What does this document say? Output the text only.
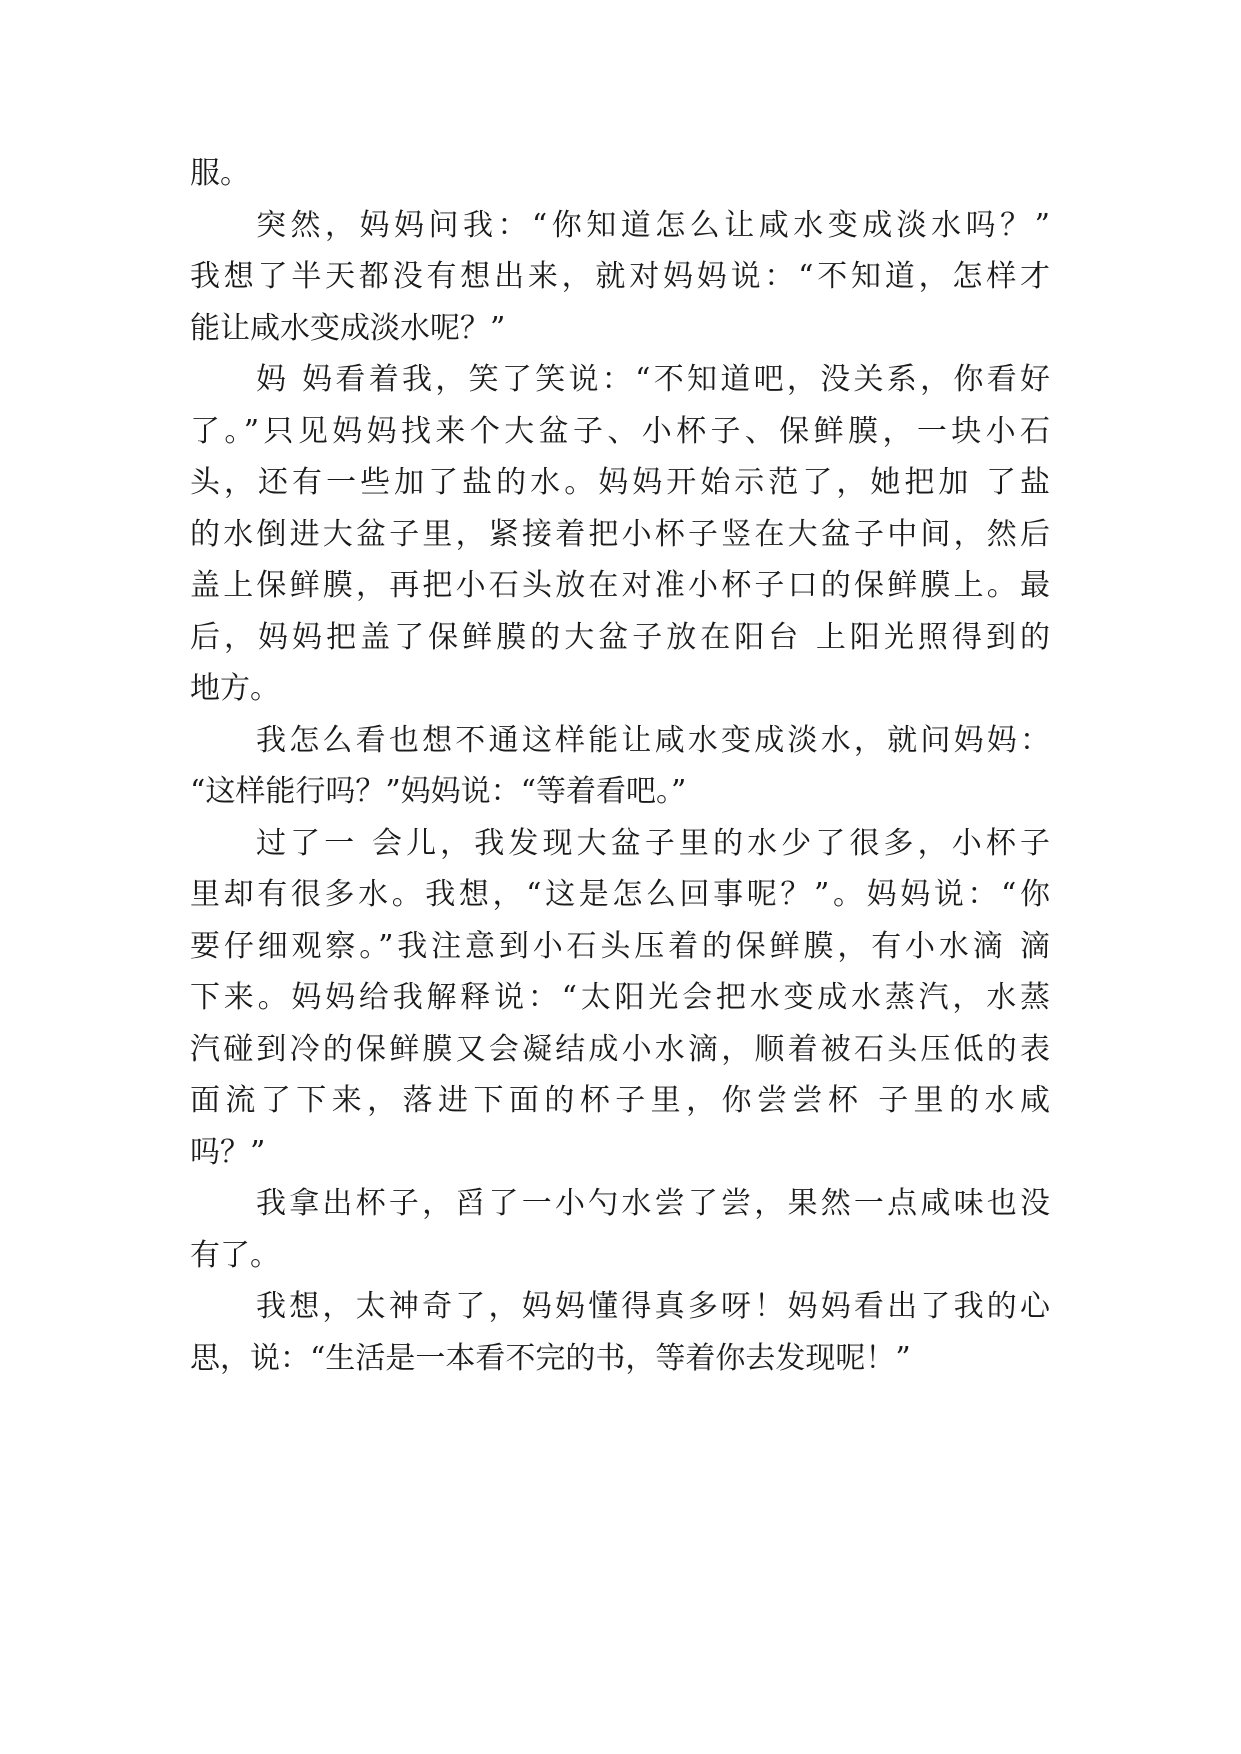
服。
突然，妈妈问我：“你知道怎么让咸水变成淡水吗？”
我想了半天都没有想出来，就对妈妈说：“不知道，怎样才
能让咸水变成淡水呢？”
妈 妈看着我，笑了笑说：“不知道吧，没关系，你看好
了。”只见妈妈找来个大盆子、小杯子、保鲜膜，一块小石
头，还有一些加了盐的水。妈妈开始示范了，她把加 了盐
的水倒进大盆子里，紧接着把小杯子竖在大盆子中间，然后
盖上保鲜膜，再把小石头放在对准小杯子口的保鲜膜上。最
后，妈妈把盖了保鲜膜的大盆子放在阳台 上阳光照得到的
地方。
我怎么看也想不通这样能让咸水变成淡水，就问妈妈：
“这样能行吗？”妈妈说：“等着看吧。”
过了一 会儿，我发现大盆子里的水少了很多，小杯子
里却有很多水。我想，“这是怎么回事呢？”。妈妈说：“你
要仔细观察。”我注意到小石头压着的保鲜膜，有小水滴 滴
下来。妈妈给我解释说：“太阳光会把水变成水蒸汽，水蒸
汽碰到冷的保鲜膜又会凝结成小水滴，顺着被石头压低的表
面流了下来，落进下面的杯子里，你尝尝杯 子里的水咸
吗？”
我拿出杯子，舀了一小勺水尝了尝，果然一点咸味也没
有了。
我想，太神奇了，妈妈懂得真多呀！妈妈看出了我的心
思，说：“生活是一本看不完的书，等着你去发现呢！”
